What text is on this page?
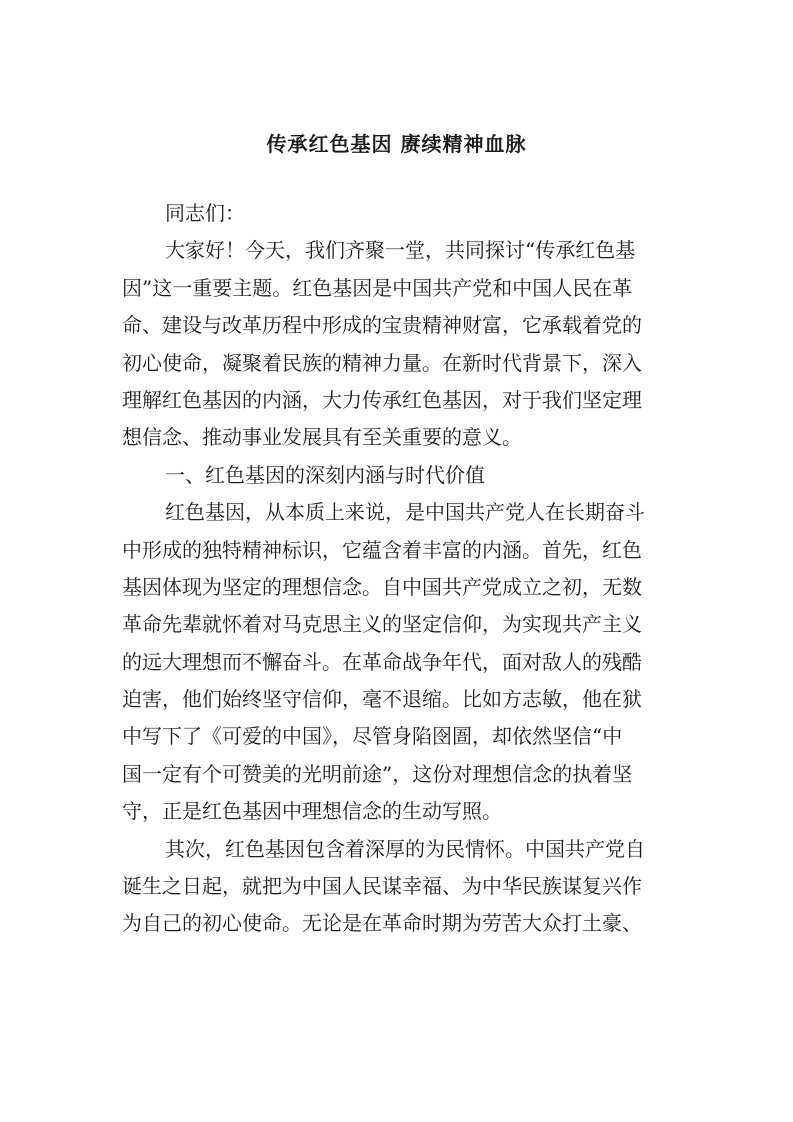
传承红色基因 赓续精神血脉

同志们：

大家好！今天，我们齐聚一堂，共同探讨“传承红色基

因”这一重要主题。红色基因是中国共产党和中国人民在革

命、建设与改革历程中形成的宝贵精神财富，它承载着党的

初心使命，凝聚着民族的精神力量。在新时代背景下，深入

理解红色基因的内涵，大力传承红色基因，对于我们坚定理

想信念、推动事业发展具有至关重要的意义。

一、红色基因的深刻内涵与时代价值

红色基因，从本质上来说，是中国共产党人在长期奋斗

中形成的独特精神标识，它蕴含着丰富的内涵。首先，红色

基因体现为坚定的理想信念。自中国共产党成立之初，无数

革命先辈就怀着对马克思主义的坚定信仰，为实现共产主义

的远大理想而不懈奋斗。在革命战争年代，面对敌人的残酷

迫害，他们始终坚守信仰，毫不退缩。比如方志敏，他在狱

中写下了《可爱的中国》，尽管身陷囹圄，却依然坚信“中

国一定有个可赞美的光明前途”，这份对理想信念的执着坚

守，正是红色基因中理想信念的生动写照。

其次，红色基因包含着深厚的为民情怀。中国共产党自

诞生之日起，就把为中国人民谋幸福、为中华民族谋复兴作

为自己的初心使命。无论是在革命时期为劳苦大众打土豪、
